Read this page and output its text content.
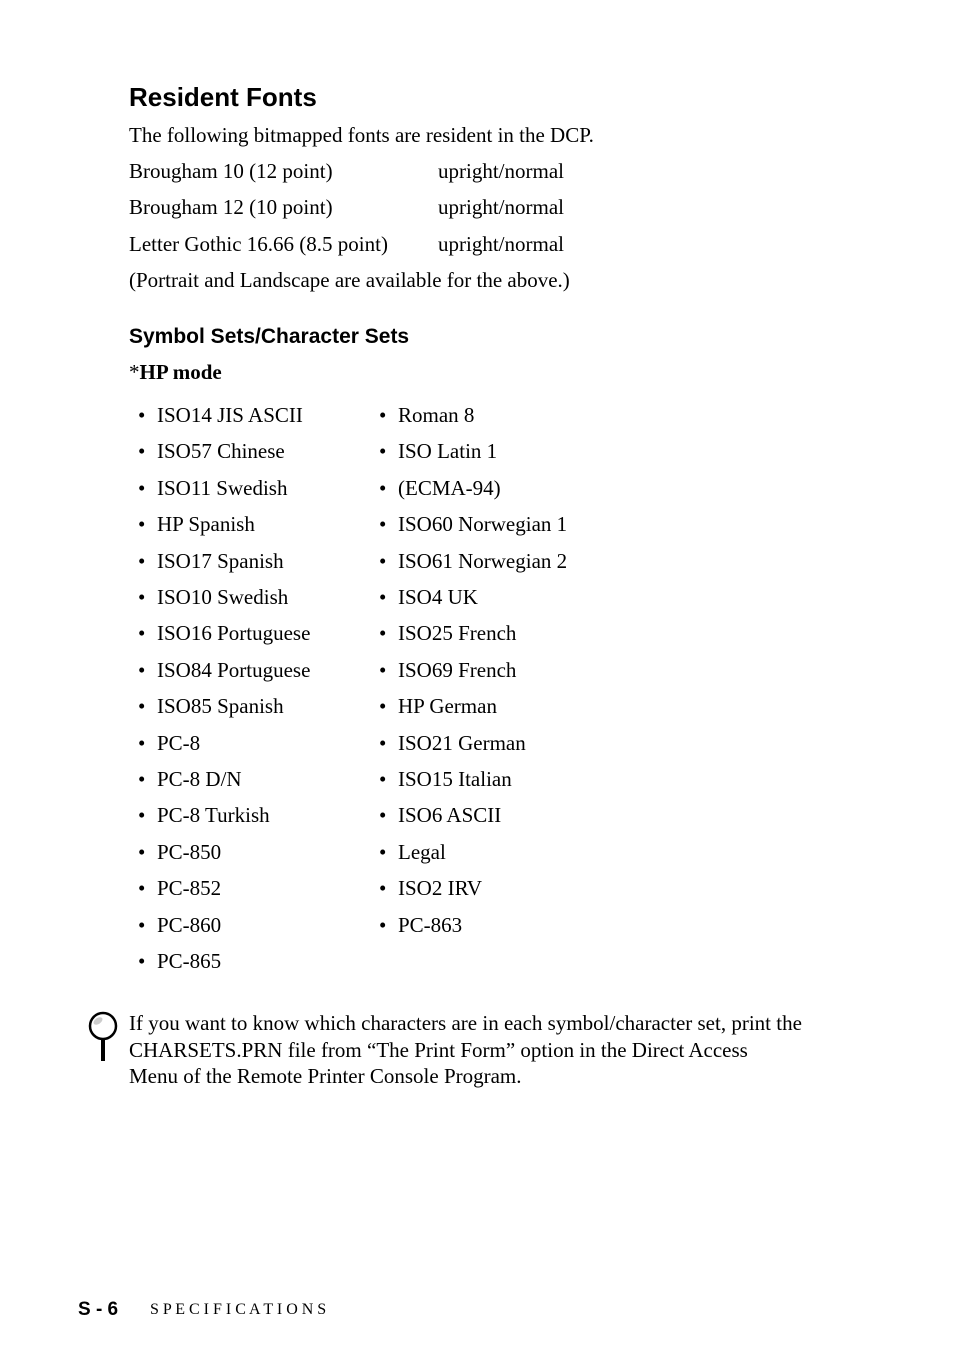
Resident Fonts
The following bitmapped fonts are resident in the DCP.
Brougham 10 (12 point)	upright/normal
Brougham 12 (10 point)	upright/normal
Letter Gothic 16.66 (8.5 point) upright/normal
(Portrait and Landscape are available for the above.)
Symbol Sets/Character Sets
*HP mode
• ISO14 JIS ASCII
• ISO57 Chinese
• ISO11 Swedish
• HP Spanish
• ISO17 Spanish
• ISO10 Swedish
• ISO16 Portuguese
• ISO84 Portuguese
• ISO85 Spanish
• PC-8
• PC-8 D/N
• PC-8 Turkish
• PC-850
• PC-852
• PC-860
• PC-865
• Roman 8
• ISO Latin 1
• (ECMA-94)
• ISO60 Norwegian 1
• ISO61 Norwegian 2
• ISO4 UK
• ISO25 French
• ISO69 French
• HP German
• ISO21 German
• ISO15 Italian
• ISO6 ASCII
• Legal
• ISO2 IRV
• PC-863
If you want to know which characters are in each symbol/character set, print the
CHARSETS.PRN file from “The Print Form” option in the Direct Access
Menu of the Remote Printer Console Program.
S - 6 S P E C I F I C A T I O N S
